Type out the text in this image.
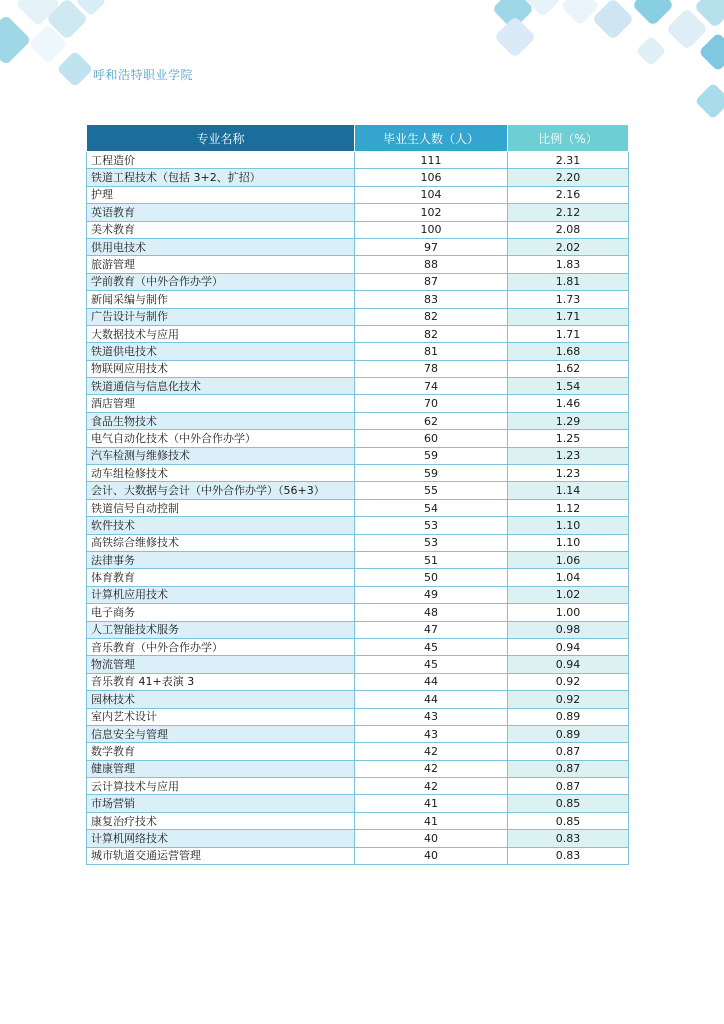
呼和浩特职业学院
专业名称	毕业生人数（人）	比例（%）
工程造价	111	2.31
铁道工程技术（包括 3+2、扩招）	106	2.20
护理	104	2.16
英语教育	102	2.12
美术教育	100	2.08
供用电技术	97	2.02
旅游管理	88	1.83
学前教育（中外合作办学）	87	1.81
新闻采编与制作	83	1.73
广告设计与制作	82	1.71
大数据技术与应用	82	1.71
铁道供电技术	81	1.68
物联网应用技术	78	1.62
铁道通信与信息化技术	74	1.54
酒店管理	70	1.46
食品生物技术	62	1.29
电气自动化技术（中外合作办学）	60	1.25
汽车检测与维修技术	59	1.23
动车组检修技术	59	1.23
会计、大数据与会计（中外合作办学）（56+3）	55	1.14
铁道信号自动控制	54	1.12
软件技术	53	1.10
高铁综合维修技术	53	1.10
法律事务	51	1.06
体育教育	50	1.04
计算机应用技术	49	1.02
电子商务	48	1.00
人工智能技术服务	47	0.98
音乐教育（中外合作办学）	45	0.94
物流管理	45	0.94
音乐教育 41+表演 3	44	0.92
园林技术	44	0.92
室内艺术设计	43	0.89
信息安全与管理	43	0.89
数学教育	42	0.87
健康管理	42	0.87
云计算技术与应用	42	0.87
市场营销	41	0.85
康复治疗技术	41	0.85
计算机网络技术	40	0.83
城市轨道交通运营管理	40	0.83
